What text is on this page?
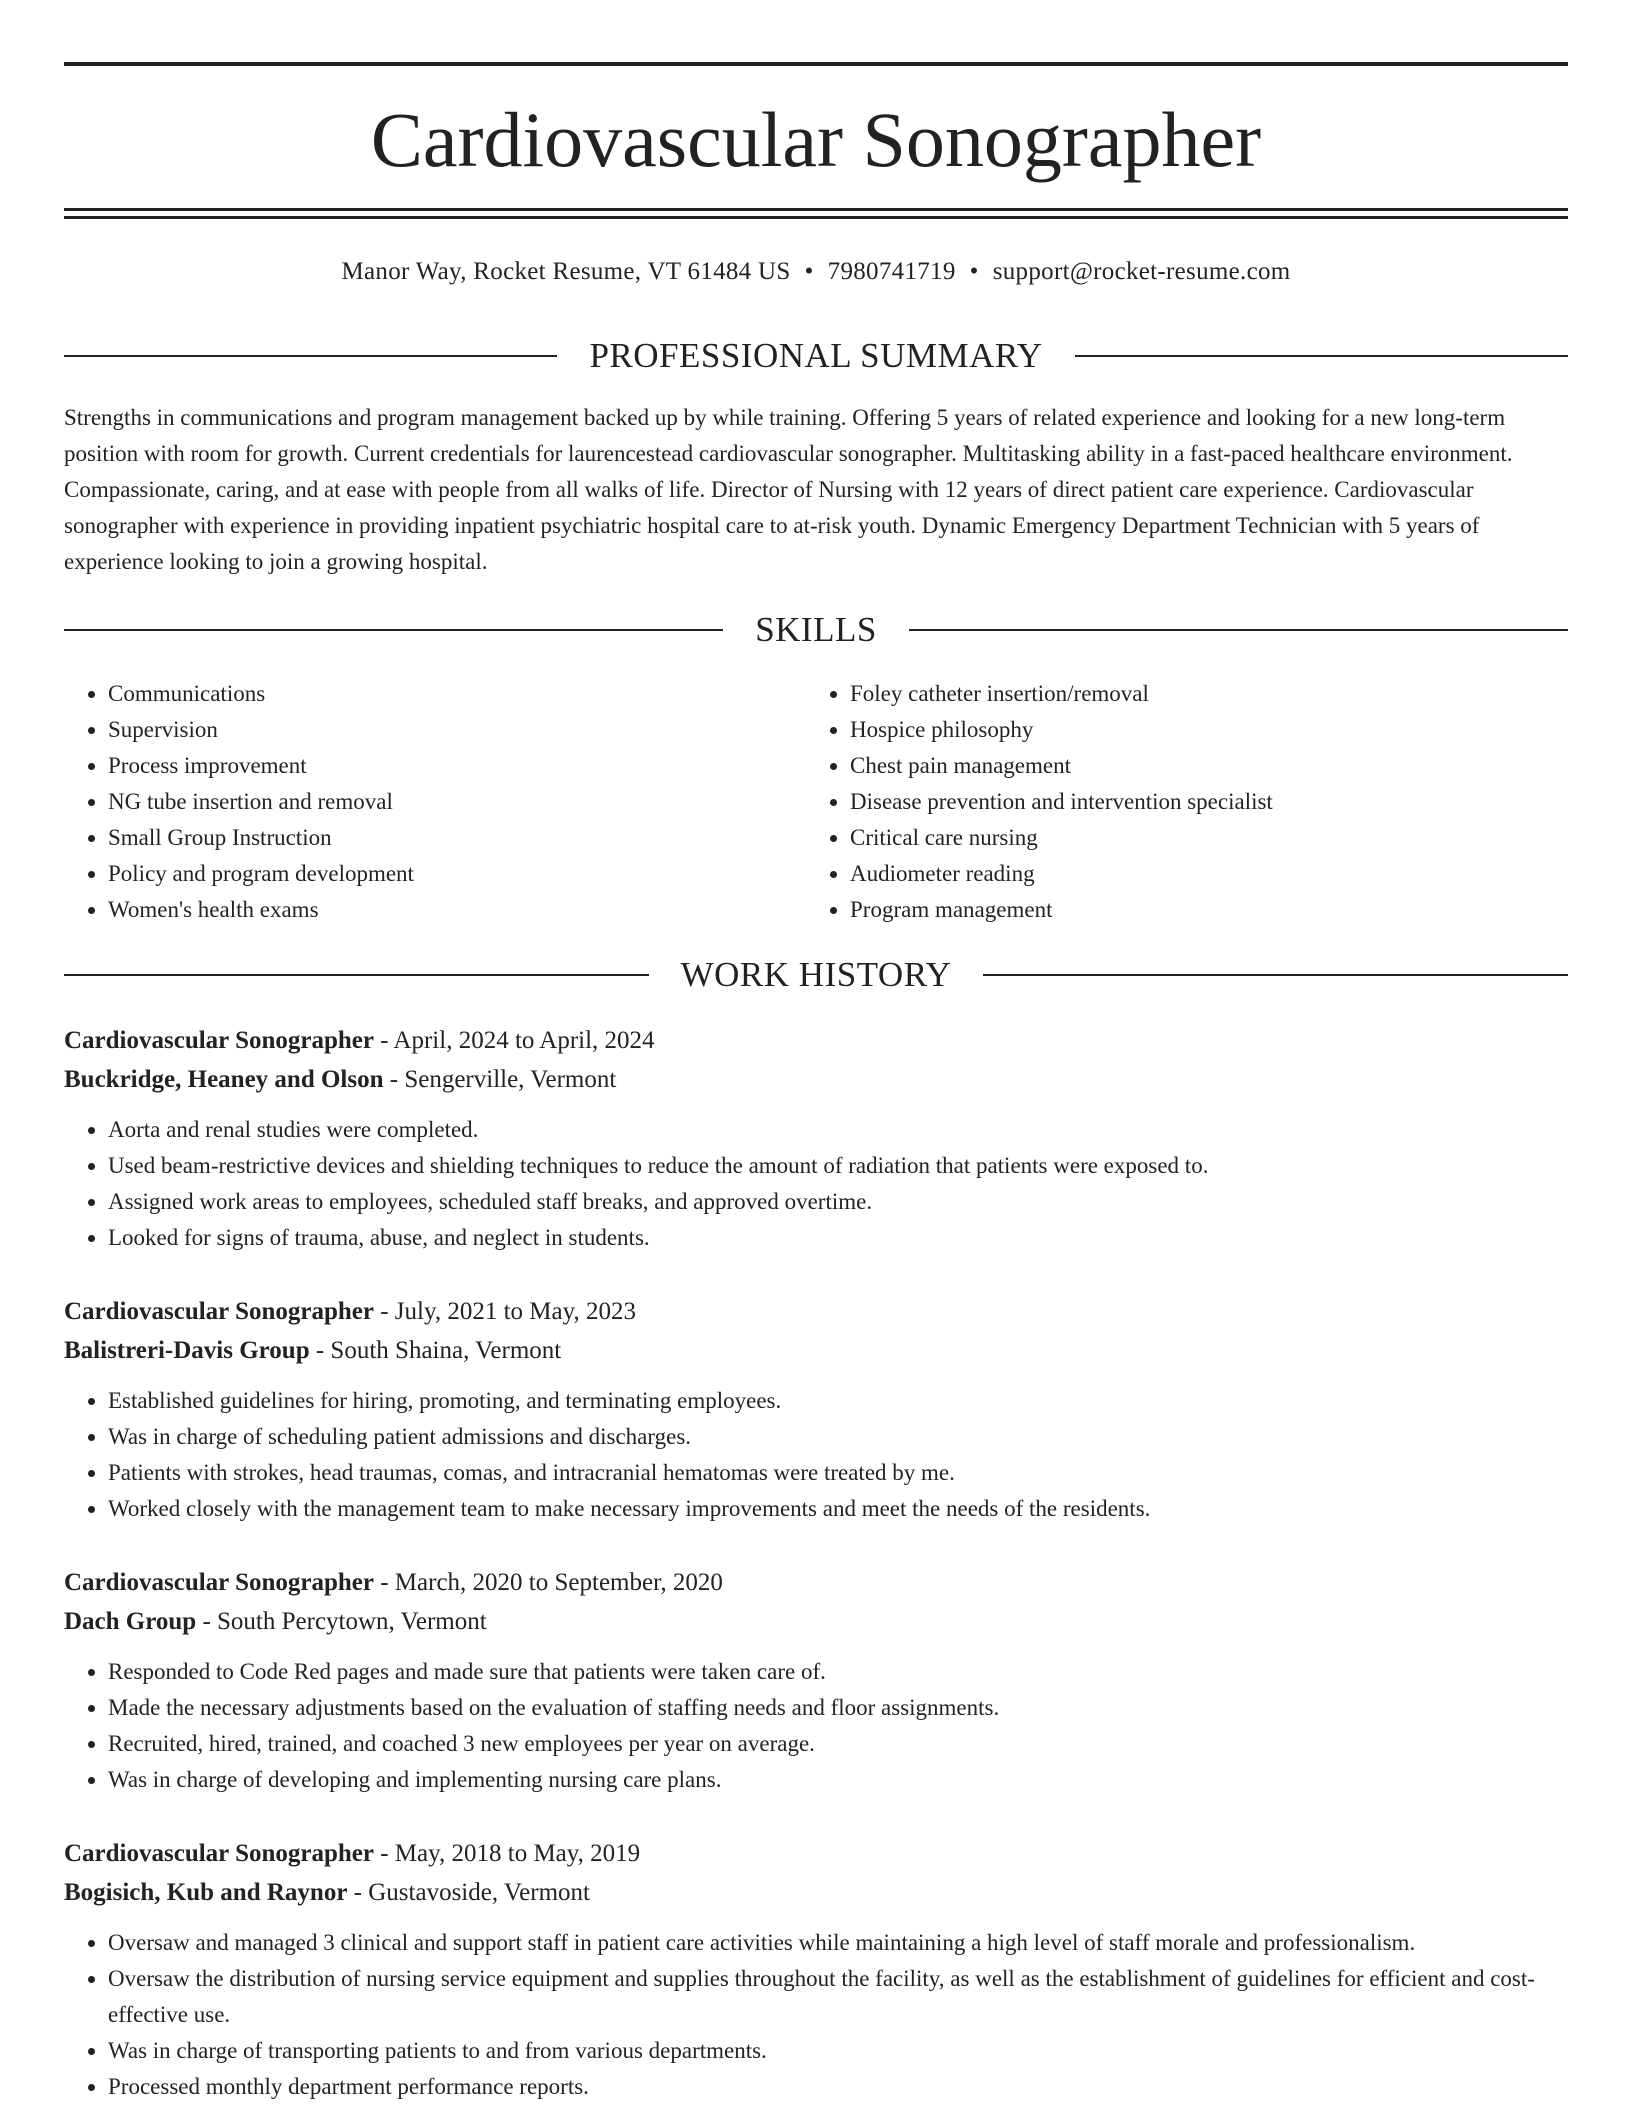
Cardiovascular Sonographer
Manor Way, Rocket Resume, VT 61484 US • 7980741719 • support@rocket-resume.com
PROFESSIONAL SUMMARY

Strengths in communications and program management backed up by while training. Offering 5 years of related experience and looking for a new long-term position with room for growth. Current credentials for laurencestead cardiovascular sonographer. Multitasking ability in a fast-paced healthcare environment. Compassionate, caring, and at ease with people from all walks of life. Director of Nursing with 12 years of direct patient care experience. Cardiovascular sonographer with experience in providing inpatient psychiatric hospital care to at-risk youth. Dynamic Emergency Department Technician with 5 years of experience looking to join a growing hospital.

SKILLS
• Communications
• Supervision
• Process improvement
• NG tube insertion and removal
• Small Group Instruction
• Policy and program development
• Women's health exams
• Foley catheter insertion/removal
• Hospice philosophy
• Chest pain management
• Disease prevention and intervention specialist
• Critical care nursing
• Audiometer reading
• Program management
WORK HISTORY
Cardiovascular Sonographer - April, 2024 to April, 2024
Buckridge, Heaney and Olson - Sengerville, Vermont
• Aorta and renal studies were completed.
• Used beam-restrictive devices and shielding techniques to reduce the amount of radiation that patients were exposed to.
• Assigned work areas to employees, scheduled staff breaks, and approved overtime.
• Looked for signs of trauma, abuse, and neglect in students.
Cardiovascular Sonographer - July, 2021 to May, 2023
Balistreri-Davis Group - South Shaina, Vermont
• Established guidelines for hiring, promoting, and terminating employees.
• Was in charge of scheduling patient admissions and discharges.
• Patients with strokes, head traumas, comas, and intracranial hematomas were treated by me.
• Worked closely with the management team to make necessary improvements and meet the needs of the residents.
Cardiovascular Sonographer - March, 2020 to September, 2020
Dach Group - South Percytown, Vermont
• Responded to Code Red pages and made sure that patients were taken care of.
• Made the necessary adjustments based on the evaluation of staffing needs and floor assignments.
• Recruited, hired, trained, and coached 3 new employees per year on average.
• Was in charge of developing and implementing nursing care plans.
Cardiovascular Sonographer - May, 2018 to May, 2019
Bogisich, Kub and Raynor - Gustavoside, Vermont
• Oversaw and managed 3 clinical and support staff in patient care activities while maintaining a high level of staff morale and professionalism.
• Oversaw the distribution of nursing service equipment and supplies throughout the facility, as well as the establishment of guidelines for efficient and cost-effective use.
• Was in charge of transporting patients to and from various departments.
• Processed monthly department performance reports.
